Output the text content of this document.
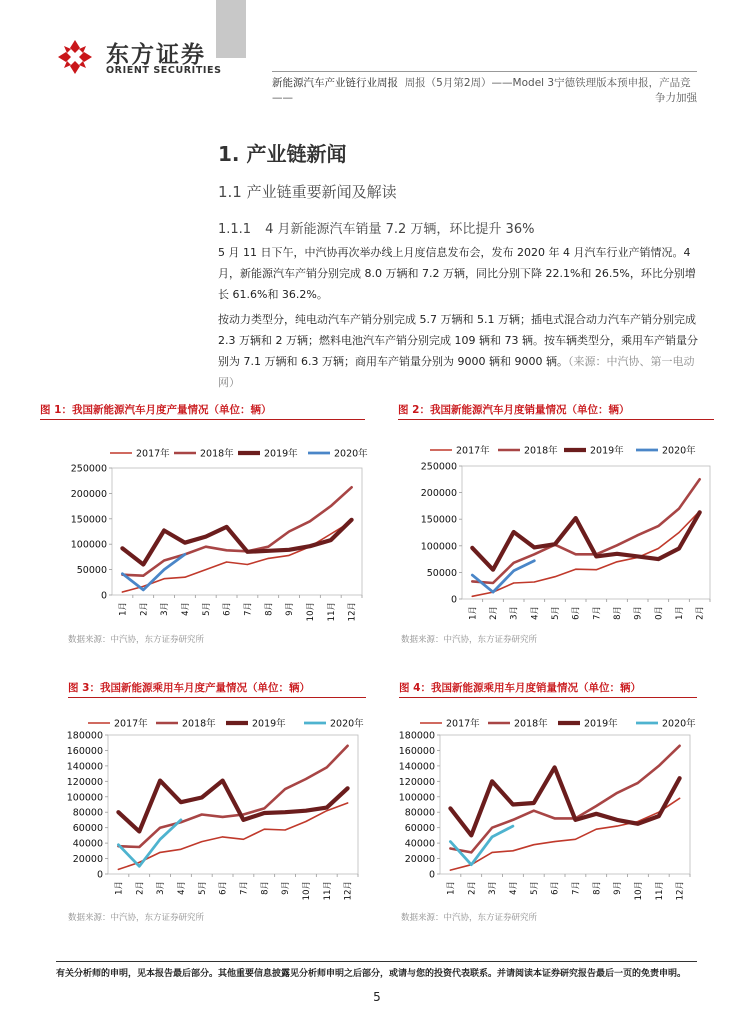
东方证券
ORIENT SECURITIES
新能源汽车产业链行业周报 周报（5月第2周）——Model 3宁德铁理版本预申报，产品竞
——	争力加强
1. 产业链新闻
1.1 产业链重要新闻及解读
1.1.1 4 月新能源汽车销量 7.2 万辆，环比提升 36%
5 月 11 日下午，中汽协再次举办线上月度信息发布会，发布 2020 年 4 月汽车行业产销情况。4 月，新能源汽车产销分别完成 8.0 万辆和 7.2 万辆，同比分别下降 22.1%和 26.5%，环比分别增长 61.6%和 36.2%。
按动力类型分，纯电动汽车产销分别完成 5.7 万辆和 5.1 万辆；插电式混合动力汽车产销分别完成 2.3 万辆和 2 万辆；燃料电池汽车产销分别完成 109 辆和 73 辆。按车辆类型分，乘用车产销量分别为 7.1 万辆和 6.3 万辆；商用车产销量分别为 9000 辆和 9000 辆。（来源：中汽协、第一电动网）
图 1：我国新能源汽车月度产量情况（单位：辆）	图 2：我国新能源汽车月度销量情况（单位：辆）
图 3：我国新能源乘用车月度产量情况（单位：辆）	图 4：我国新能源乘用车月度销量情况（单位：辆）
0
50000
100000
150000
200000
250000
1月 2月 3月 4月 5月 6月 7月 8月 9月 10月 11月 12月
2017年	2018年	2019年	2020年
0
50000
100000
150000
200000
250000
1月 2月 3月 4月 5月 6月 7月 8月 9月 0月 1月 2月
2017年	2018年	2019年	2020年
0
20000
40000
60000
80000
100000
120000
140000
160000
180000
1月 2月 3月 4月 5月 6月 7月 8月 9月 10月 11月 12月
2017年	2018年	2019年	2020年
0
20000
40000
60000
80000
100000
120000
140000
160000
180000
1月 2月 3月 4月 5月 6月 7月 8月 9月 10月 11月 12月
2017年	2018年	2019年	2020年
数据来源：中汽协，东方证券研究所	数据来源：中汽协，东方证券研究所
数据来源：中汽协，东方证券研究所	数据来源：中汽协，东方证券研究所
有关分析师的申明，见本报告最后部分。其他重要信息披露见分析师申明之后部分，或请与您的投资代表联系。并请阅读本证券研究报告最后一页的免责申明。
5
